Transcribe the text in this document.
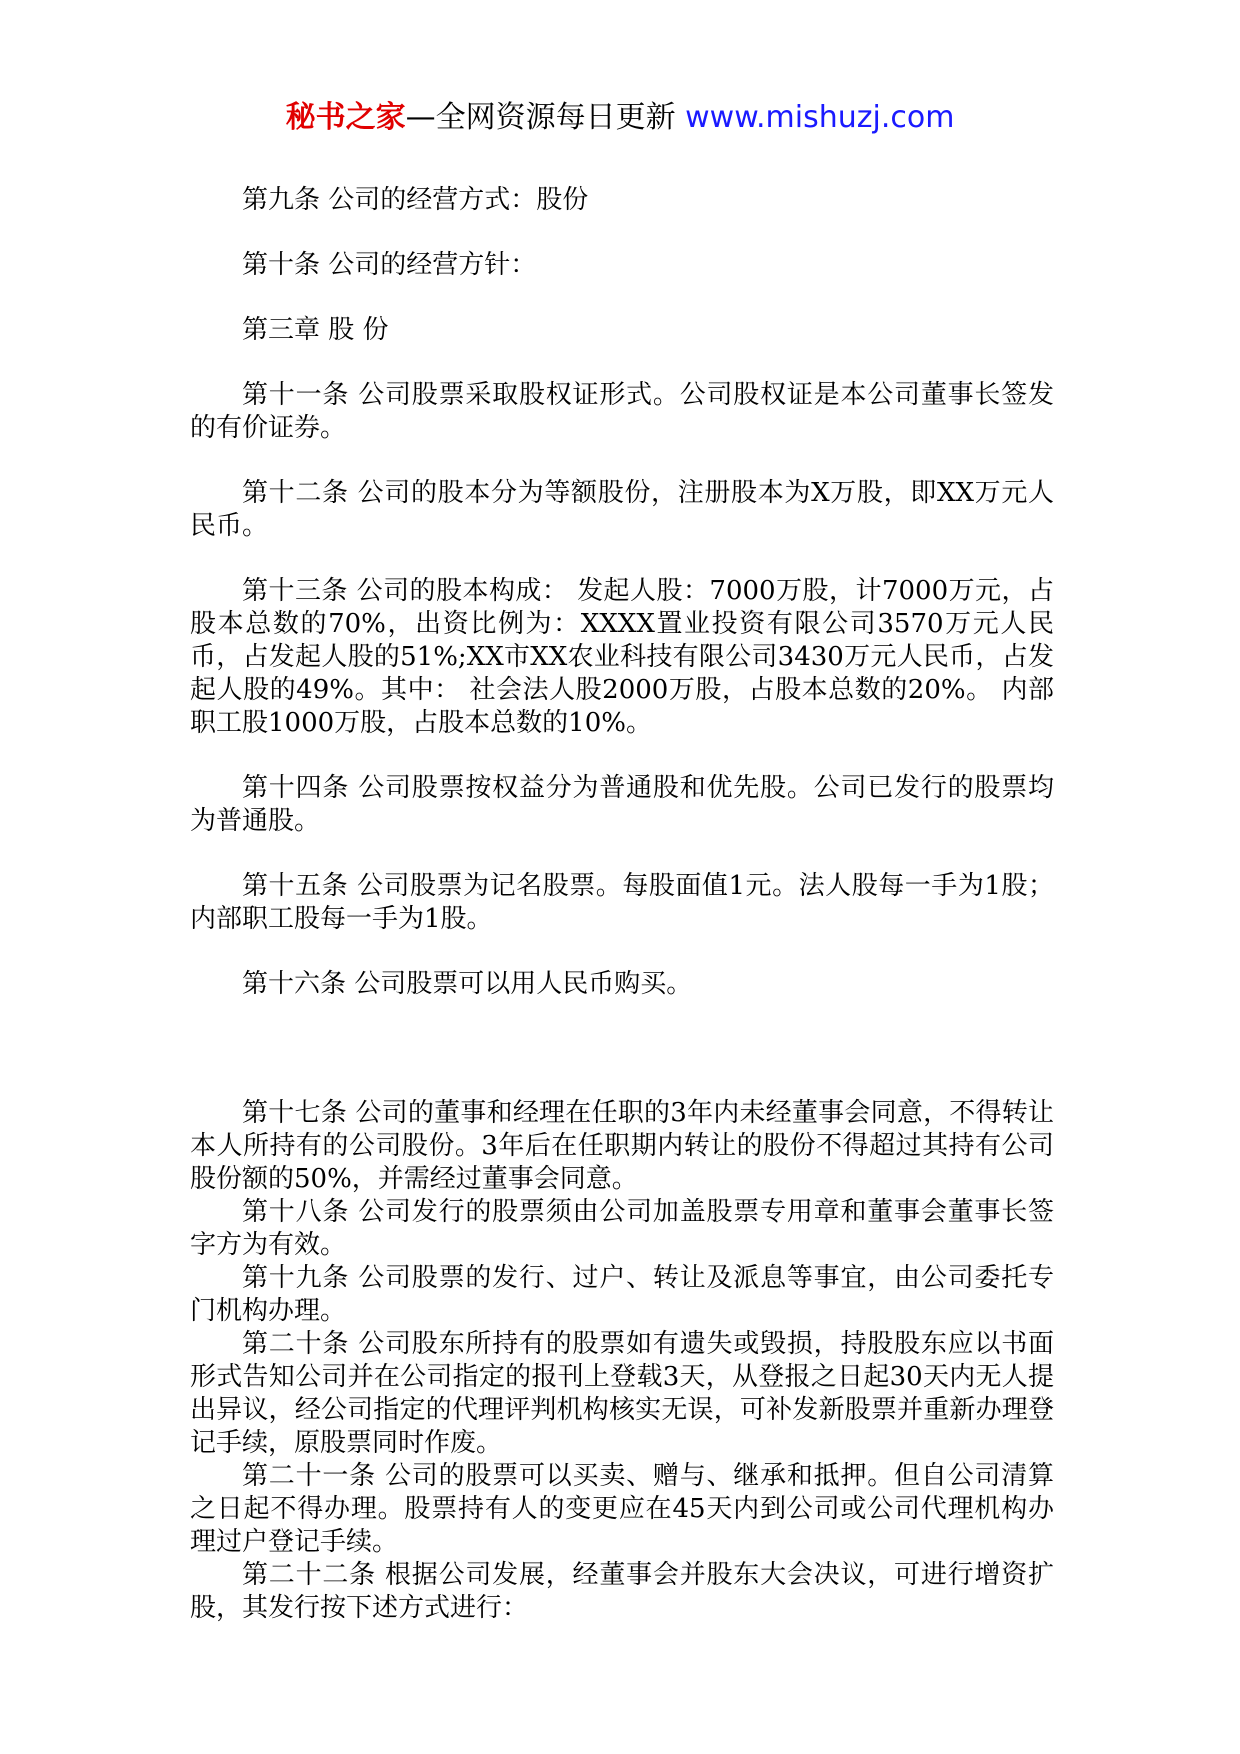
秘书之家—全网资源每日更新 www.mishuzj.com

第九条 公司的经营方式：股份

第十条 公司的经营方针：

第三章 股 份

第十一条 公司股票采取股权证形式。公司股权证是本公司董事长签发的有价证券。

第十二条 公司的股本分为等额股份，注册股本为X万股，即XX万元人民币。

第十三条 公司的股本构成： 发起人股：7000万股，计7000万元，占股本总数的70%，出资比例为：XXXX置业投资有限公司3570万元人民币，占发起人股的51%;XX市XX农业科技有限公司3430万元人民币，占发起人股的49%。其中： 社会法人股2000万股，占股本总数的20%。 内部职工股1000万股，占股本总数的10%。

第十四条 公司股票按权益分为普通股和优先股。公司已发行的股票均为普通股。

第十五条 公司股票为记名股票。每股面值1元。法人股每一手为1股；内部职工股每一手为1股。

第十六条 公司股票可以用人民币购买。

第十七条 公司的董事和经理在任职的3年内未经董事会同意，不得转让本人所持有的公司股份。3年后在任职期内转让的股份不得超过其持有公司股份额的50%，并需经过董事会同意。

第十八条 公司发行的股票须由公司加盖股票专用章和董事会董事长签字方为有效。

第十九条 公司股票的发行、过户、转让及派息等事宜，由公司委托专门机构办理。

第二十条 公司股东所持有的股票如有遗失或毁损，持股股东应以书面形式告知公司并在公司指定的报刊上登载3天，从登报之日起30天内无人提出异议，经公司指定的代理评判机构核实无误，可补发新股票并重新办理登记手续，原股票同时作废。

第二十一条 公司的股票可以买卖、赠与、继承和抵押。但自公司清算之日起不得办理。股票持有人的变更应在45天内到公司或公司代理机构办理过户登记手续。

第二十二条 根据公司发展，经董事会并股东大会决议，可进行增资扩股，其发行按下述方式进行：
